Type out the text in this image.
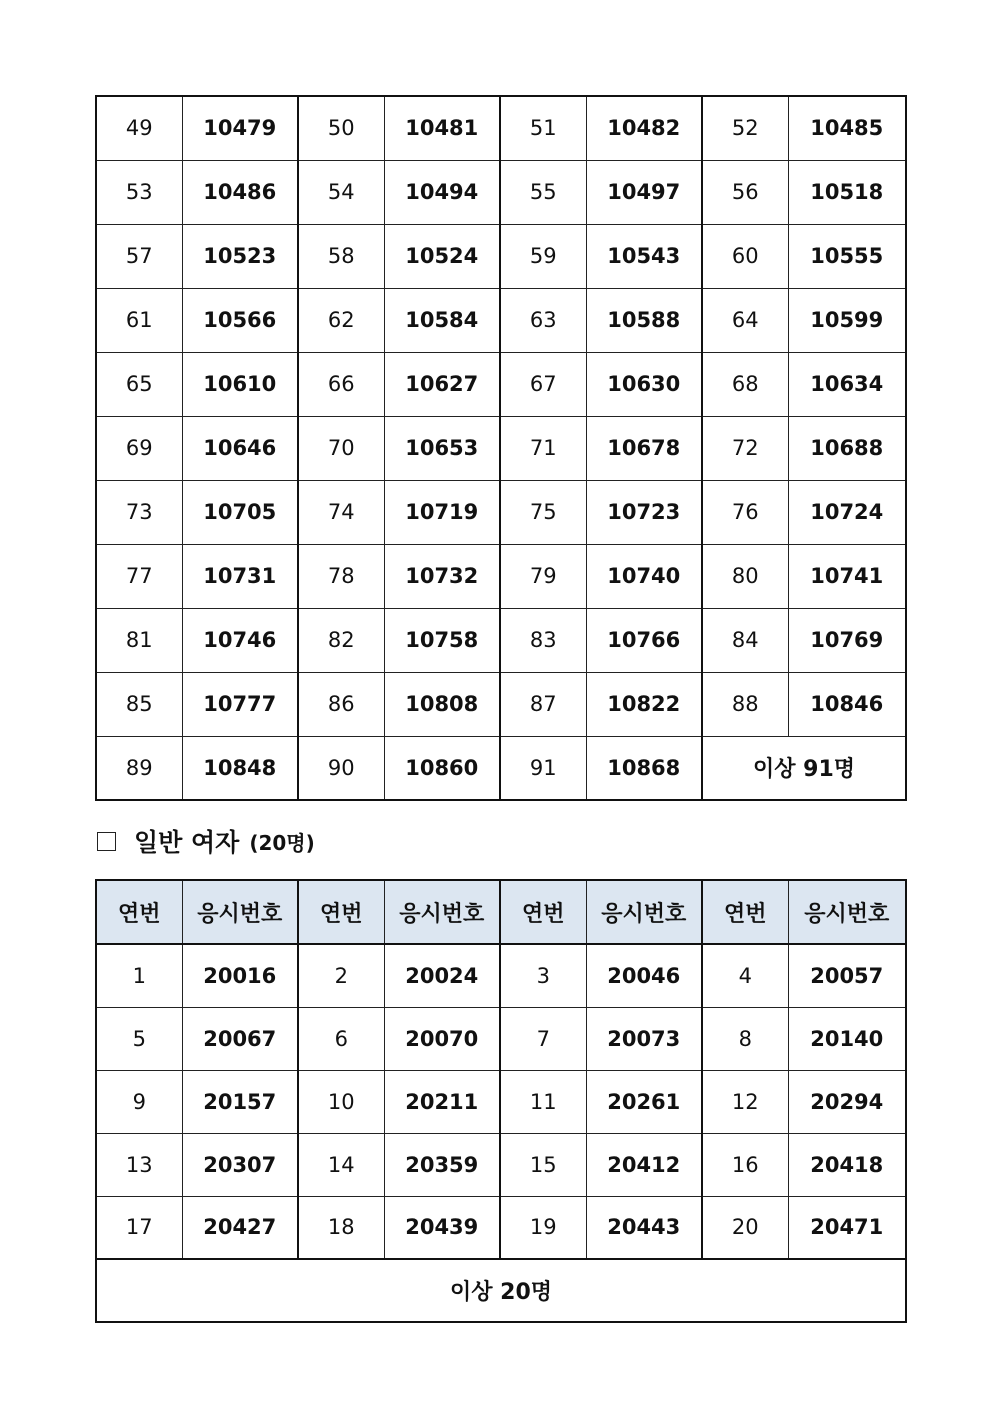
49	10479	50	10481	51	10482	52	10485
53	10486	54	10494	55	10497	56	10518
57	10523	58	10524	59	10543	60	10555
61	10566	62	10584	63	10588	64	10599
65	10610	66	10627	67	10630	68	10634
69	10646	70	10653	71	10678	72	10688
73	10705	74	10719	75	10723	76	10724
77	10731	78	10732	79	10740	80	10741
81	10746	82	10758	83	10766	84	10769
85	10777	86	10808	87	10822	88	10846
89	10848	90	10860	91	10868	이상 91명	
일반 여자 (20명)
연번	응시번호	연번	응시번호	연번	응시번호	연번	응시번호
1	20016	2	20024	3	20046	4	20057
5	20067	6	20070	7	20073	8	20140
9	20157	10	20211	11	20261	12	20294
13	20307	14	20359	15	20412	16	20418
17	20427	18	20439	19	20443	20	20471
이상 20명							
